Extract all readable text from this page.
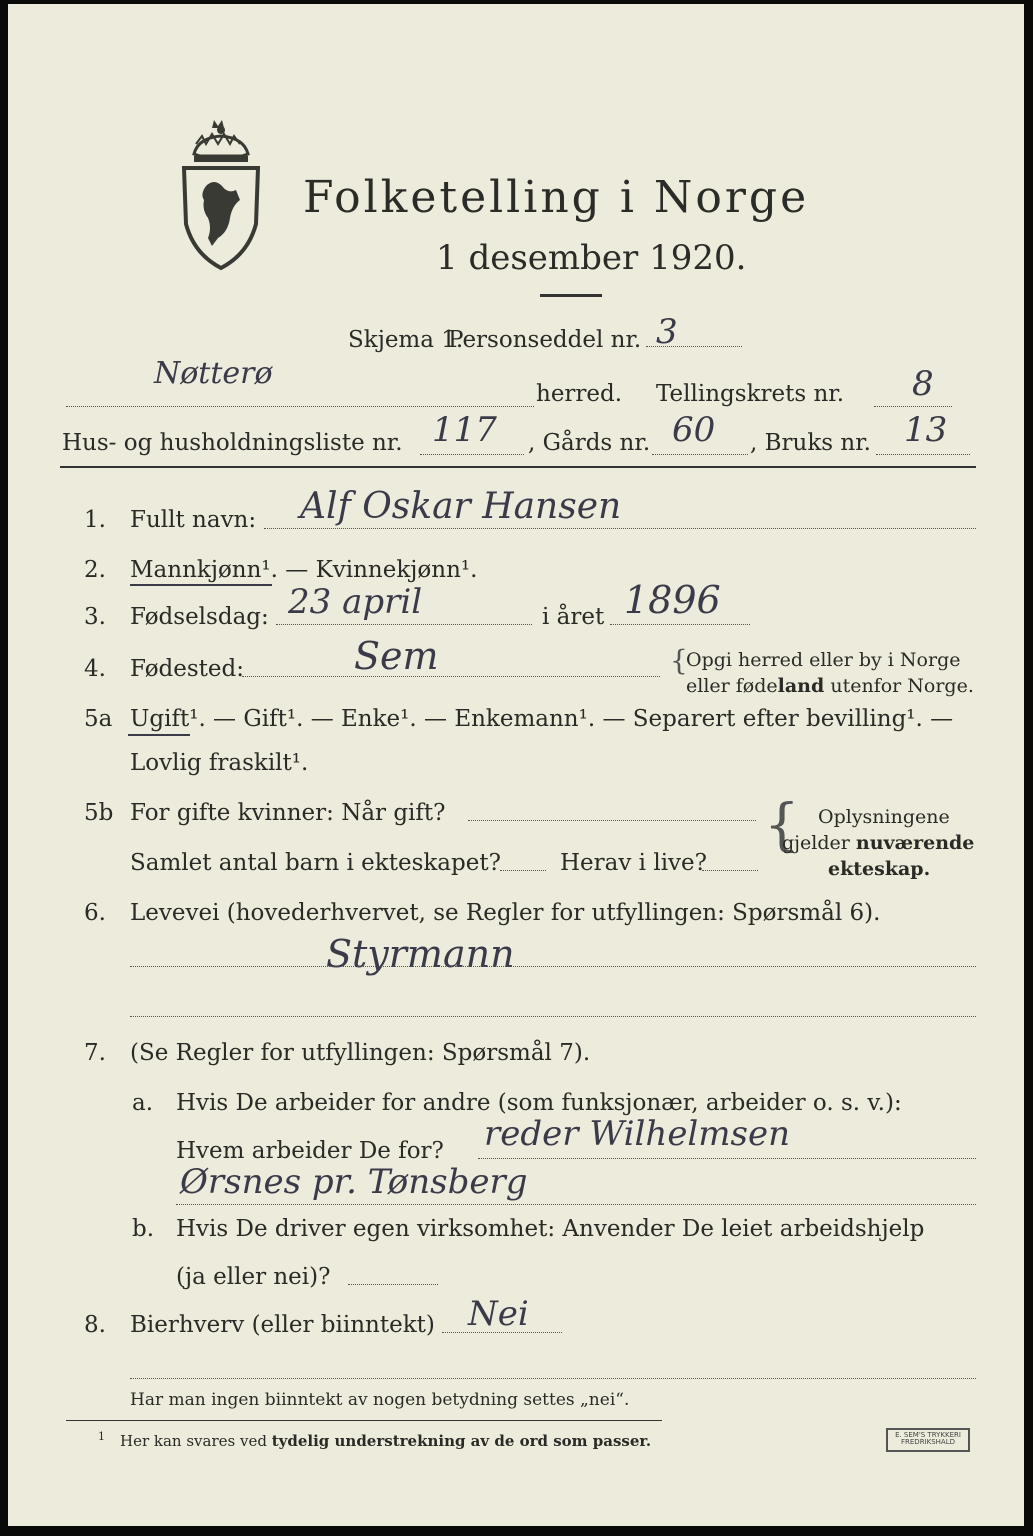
Folketelling i Norge
1 desember 1920.
Skjema 1.
Personseddel nr. 3
Nøtterø
herred. Tellingskrets nr. 8
Hus- og husholdningsliste nr. 117 , Gårds nr. 60 , Bruks nr. 13
1. Fullt navn: Alf Oskar Hansen
2. Mannkjønn¹. — Kvinnekjønn¹.
3. Fødselsdag: 23 april	i året 1896
4. Fødested:	Sem	{
Opgi herred eller by i Norge
eller fødeland utenfor Norge.
5a Ugift¹. — Gift¹. — Enke¹. — Enkemann¹. — Separert efter bevilling¹. —
Lovlig fraskilt¹.
5b For gifte kvinner: Når gift?
Samlet antal barn i ekteskapet?	Herav i live?
{ Oplysningene
gjelder nuværende
ekteskap.
6. Levevei (hovederhvervet, se Regler for utfyllingen: Spørsmål 6).
Styrmann
7. (Se Regler for utfyllingen: Spørsmål 7).
a. Hvis De arbeider for andre (som funksjonær, arbeider o. s. v.):
Hvem arbeider De for? reder Wilhelmsen
Ørsnes pr. Tønsberg
b. Hvis De driver egen virksomhet: Anvender De leiet arbeidshjelp
(ja eller nei)?
8. Bierhverv (eller biinntekt) Nei
Har man ingen biinntekt av nogen betydning settes „nei“.
1 Her kan svares ved tydelig understrekning av de ord som passer.	E. SEM'S TRYKKERI
FREDRIKSHALD
